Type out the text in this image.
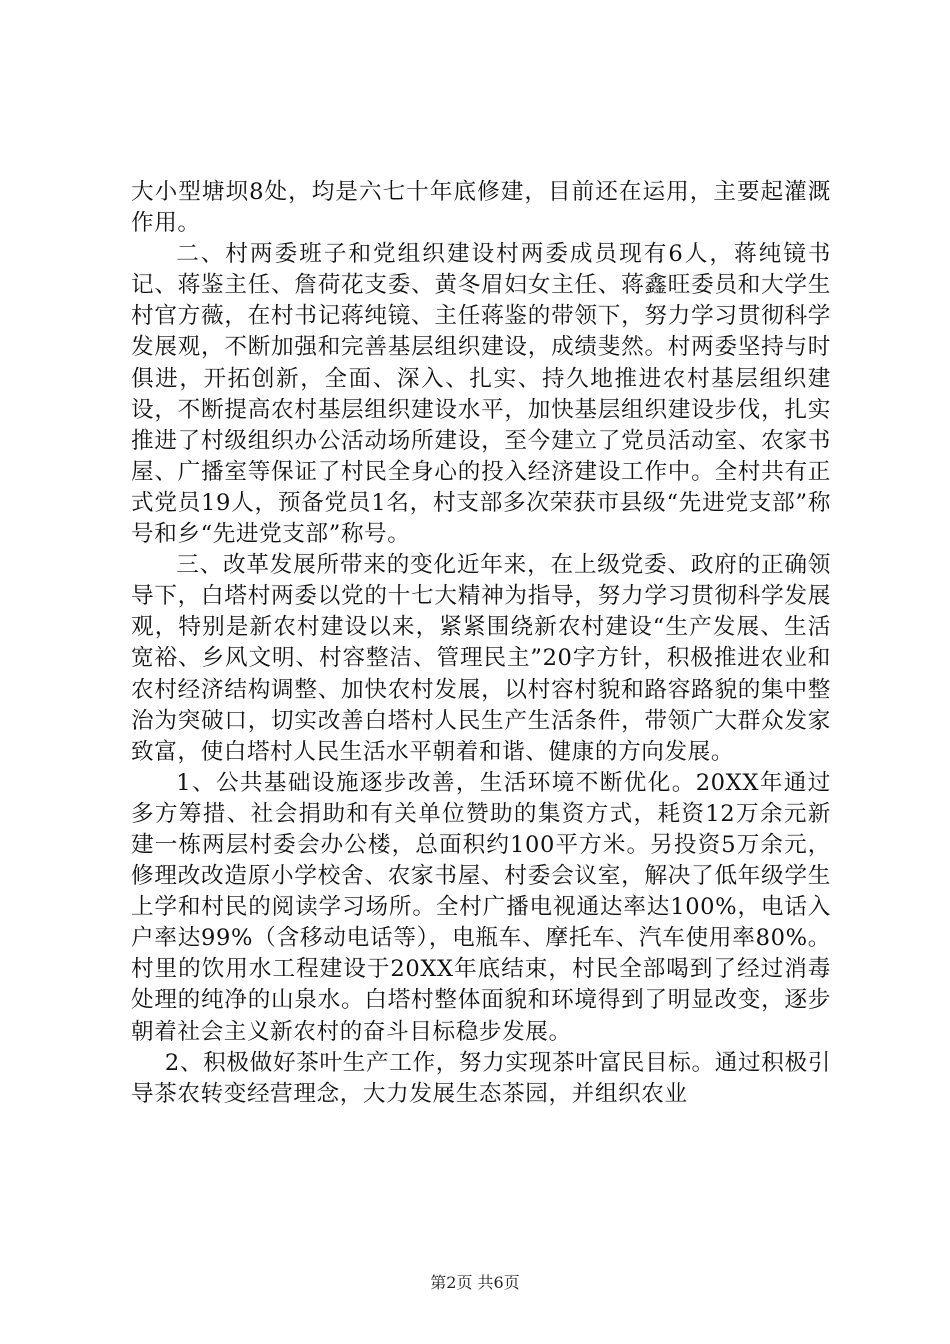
大小型塘坝8处，均是六七十年底修建，目前还在运用，主要起灌溉作用。

二、村两委班子和党组织建设村两委成员现有6人，蒋纯镜书记、蒋鉴主任、詹荷花支委、黄冬眉妇女主任、蒋鑫旺委员和大学生村官方薇，在村书记蒋纯镜、主任蒋鉴的带领下，努力学习贯彻科学发展观，不断加强和完善基层组织建设，成绩斐然。村两委坚持与时俱进，开拓创新，全面、深入、扎实、持久地推进农村基层组织建设，不断提高农村基层组织建设水平，加快基层组织建设步伐，扎实推进了村级组织办公活动场所建设，至今建立了党员活动室、农家书屋、广播室等保证了村民全身心的投入经济建设工作中。全村共有正式党员19人，预备党员1名，村支部多次荣获市县级“先进党支部”称号和乡“先进党支部”称号。

三、改革发展所带来的变化近年来，在上级党委、政府的正确领导下，白塔村两委以党的十七大精神为指导，努力学习贯彻科学发展观，特别是新农村建设以来，紧紧围绕新农村建设“生产发展、生活宽裕、乡风文明、村容整洁、管理民主”20字方针，积极推进农业和农村经济结构调整、加快农村发展，以村容村貌和路容路貌的集中整治为突破口，切实改善白塔村人民生产生活条件，带领广大群众发家致富，使白塔村人民生活水平朝着和谐、健康的方向发展。

1、公共基础设施逐步改善，生活环境不断优化。20XX年通过多方筹措、社会捐助和有关单位赞助的集资方式，耗资12万余元新建一栋两层村委会办公楼，总面积约100平方米。另投资5万余元，修理改改造原小学校舍、农家书屋、村委会议室，解决了低年级学生上学和村民的阅读学习场所。全村广播电视通达率达100%，电话入户率达99%（含移动电话等），电瓶车、摩托车、汽车使用率80%。村里的饮用水工程建设于20XX年底结束，村民全部喝到了经过消毒处理的纯净的山泉水。白塔村整体面貌和环境得到了明显改变，逐步朝着社会主义新农村的奋斗目标稳步发展。

2、积极做好茶叶生产工作，努力实现茶叶富民目标。通过积极引导茶农转变经营理念，大力发展生态茶园，并组织农业

第2页 共6页
